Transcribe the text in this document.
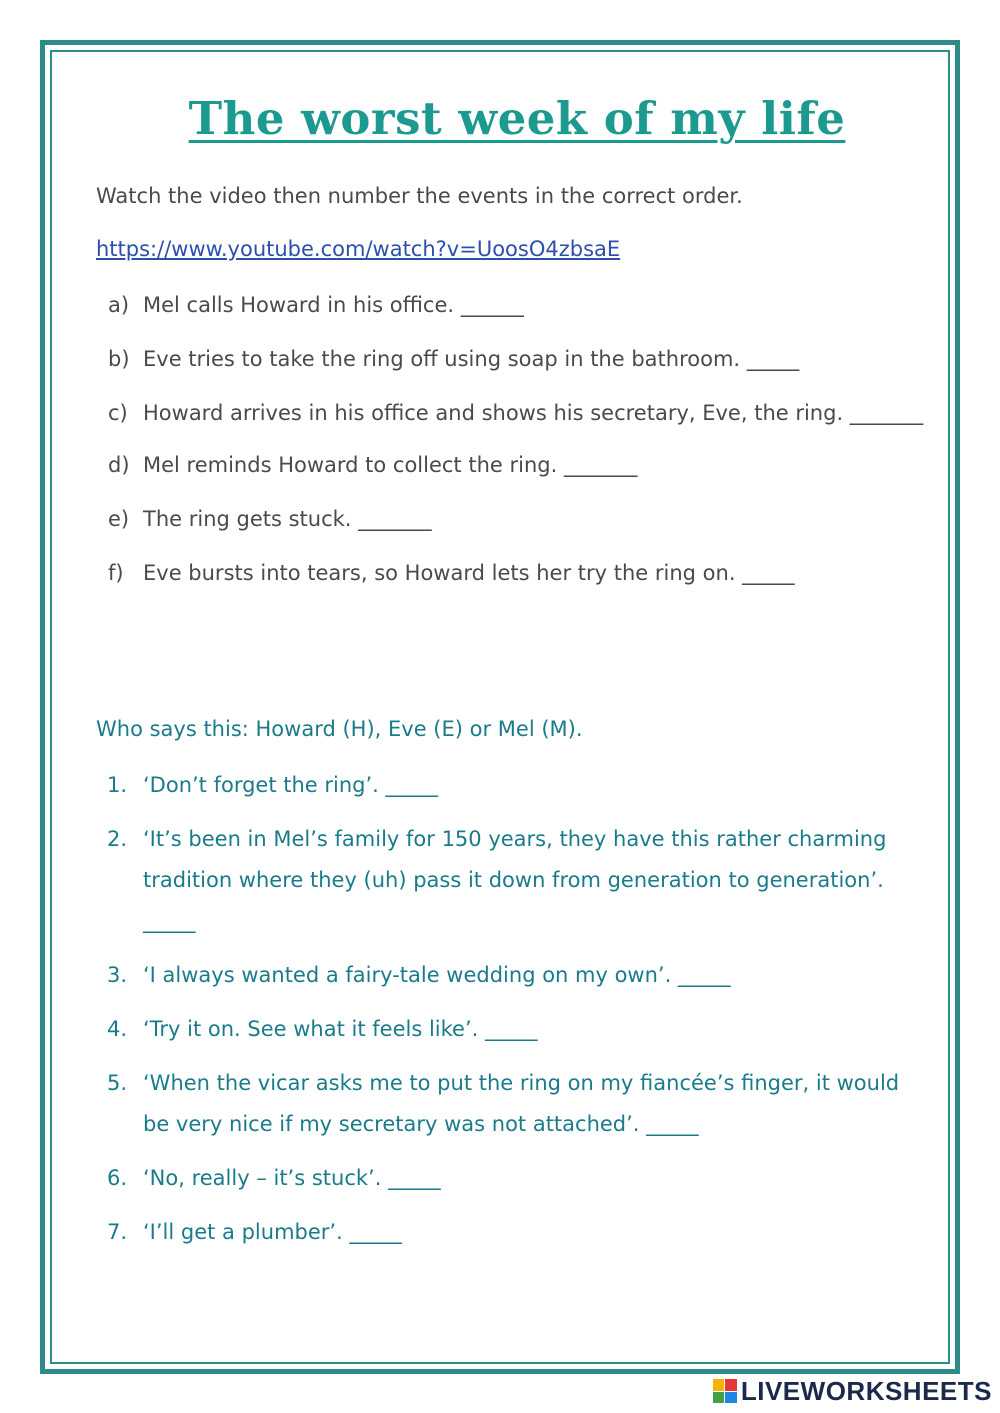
The worst week of my life

Watch the video then number the events in the correct order.

https://www.youtube.com/watch?v=UoosO4zbsaE

a) Mel calls Howard in his office. ______
b) Eve tries to take the ring off using soap in the bathroom. _____
c) Howard arrives in his office and shows his secretary, Eve, the ring. _______
d) Mel reminds Howard to collect the ring. _______
e) The ring gets stuck. _______
f) Eve bursts into tears, so Howard lets her try the ring on. _____

Who says this: Howard (H), Eve (E) or Mel (M).

1. ‘Don’t forget the ring’. _____
2. ‘It’s been in Mel’s family for 150 years, they have this rather charming tradition where they (uh) pass it down from generation to generation’. _____
3. ‘I always wanted a fairy-tale wedding on my own’. _____
4. ‘Try it on. See what it feels like’. _____
5. ‘When the vicar asks me to put the ring on my fiancée’s finger, it would be very nice if my secretary was not attached’. _____
6. ‘No, really – it’s stuck’. _____
7. ‘I’ll get a plumber’. _____
LIVEWORKSHEETS
